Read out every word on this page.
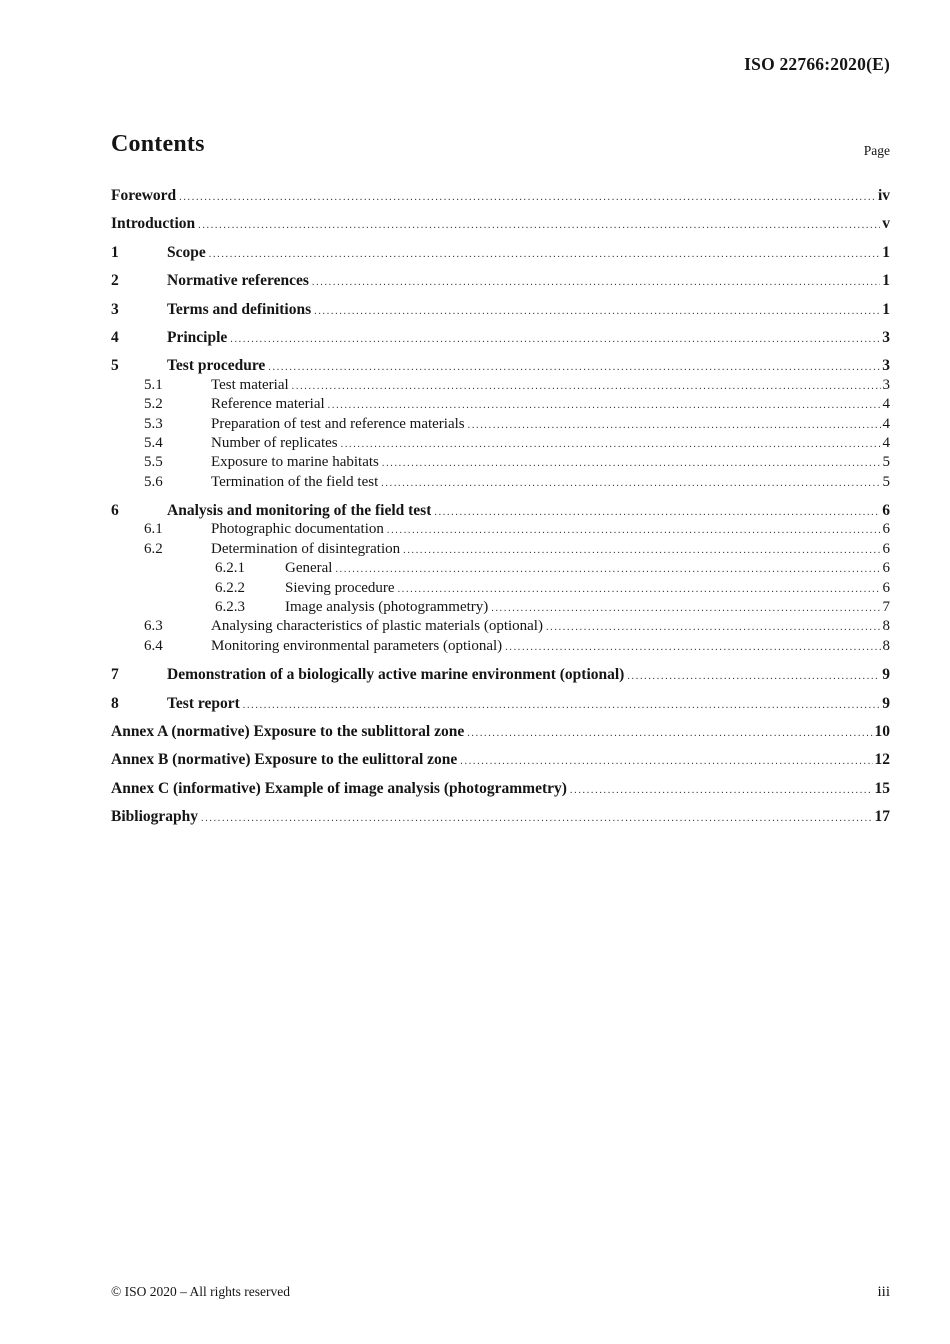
ISO 22766:2020(E)
Contents	Page
Foreword .....	iv
Introduction .....	v
1	Scope .....	1
2	Normative references .....	1
3	Terms and definitions .....	1
4	Principle .....	3
5	Test procedure .....	3
5.1	Test material .....	3
5.2	Reference material .....	4
5.3	Preparation of test and reference materials .....	4
5.4	Number of replicates .....	4
5.5	Exposure to marine habitats .....	5
5.6	Termination of the field test .....	5
6	Analysis and monitoring of the field test .....	6
6.1	Photographic documentation .....	6
6.2	Determination of disintegration .....	6
6.2.1	General .....	6
6.2.2	Sieving procedure .....	6
6.2.3	Image analysis (photogrammetry) .....	7
6.3	Analysing characteristics of plastic materials (optional) .....	8
6.4	Monitoring environmental parameters (optional) .....	8
7	Demonstration of a biologically active marine environment (optional) .....	9
8	Test report .....	9
Annex A (normative) Exposure to the sublittoral zone .....	10
Annex B (normative) Exposure to the eulittoral zone .....	12
Annex C (informative) Example of image analysis (photogrammetry) .....	15
Bibliography .....	17
© ISO 2020 – All rights reserved	iii
